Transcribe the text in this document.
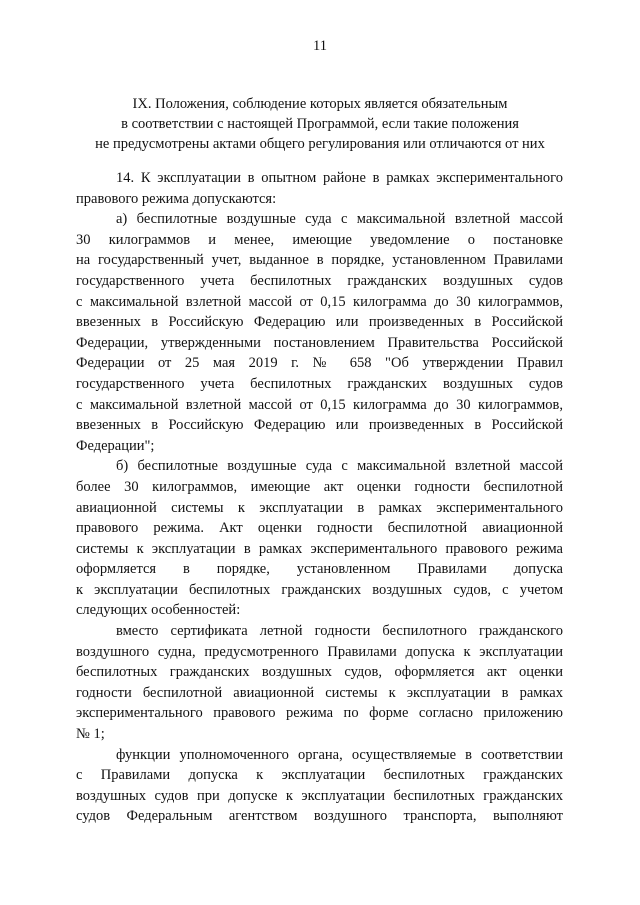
11
IX. Положения, соблюдение которых является обязательным
в соответствии с настоящей Программой, если такие положения
не предусмотрены актами общего регулирования или отличаются от них
14. К эксплуатации в опытном районе в рамках экспериментального
правового режима допускаются:
а) беспилотные воздушные суда с максимальной взлетной массой
30 килограммов и менее, имеющие уведомление о постановке
на государственный учет, выданное в порядке, установленном Правилами
государственного учета беспилотных гражданских воздушных судов
с максимальной взлетной массой от 0,15 килограмма до 30 килограммов,
ввезенных в Российскую Федерацию или произведенных в Российской
Федерации, утвержденными постановлением Правительства Российской
Федерации от 25 мая 2019 г. № 658 "Об утверждении Правил
государственного учета беспилотных гражданских воздушных судов
с максимальной взлетной массой от 0,15 килограмма до 30 килограммов,
ввезенных в Российскую Федерацию или произведенных в Российской
Федерации";
б) беспилотные воздушные суда с максимальной взлетной массой
более 30 килограммов, имеющие акт оценки годности беспилотной
авиационной системы к эксплуатации в рамках экспериментального
правового режима. Акт оценки годности беспилотной авиационной
системы к эксплуатации в рамках экспериментального правового режима
оформляется в порядке, установленном Правилами допуска
к эксплуатации беспилотных гражданских воздушных судов, с учетом
следующих особенностей:
вместо сертификата летной годности беспилотного гражданского
воздушного судна, предусмотренного Правилами допуска к эксплуатации
беспилотных гражданских воздушных судов, оформляется акт оценки
годности беспилотной авиационной системы к эксплуатации в рамках
экспериментального правового режима по форме согласно приложению
№ 1;
функции уполномоченного органа, осуществляемые в соответствии
с Правилами допуска к эксплуатации беспилотных гражданских
воздушных судов при допуске к эксплуатации беспилотных гражданских
судов Федеральным агентством воздушного транспорта, выполняют
